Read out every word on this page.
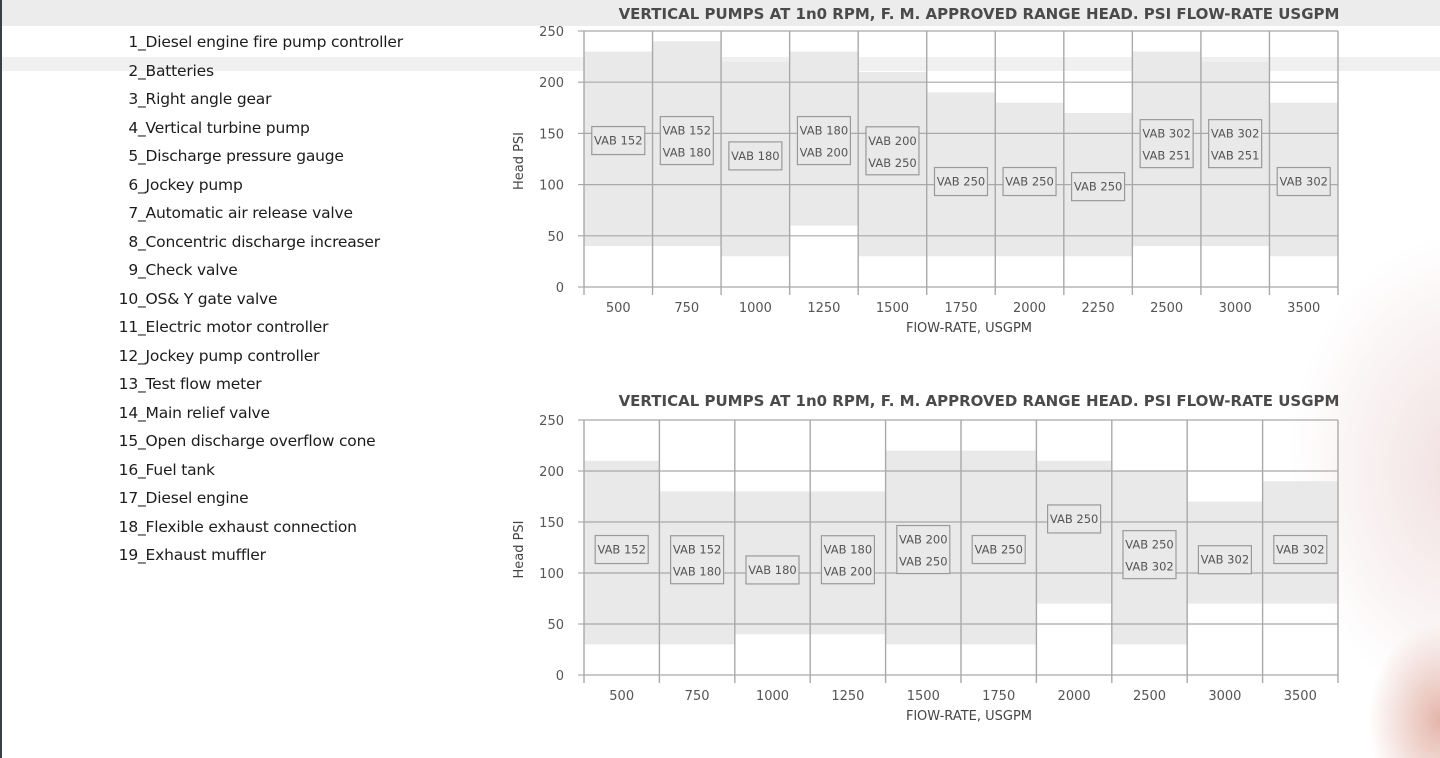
1 _Diesel engine fire pump controller
2 _Batteries
3 _Right angle gear
4 _Vertical turbine pump
5 _Discharge pressure gauge
6 _Jockey pump
7 _Automatic air release valve
8 _Concentric discharge increaser
9 _Check valve
10 _OS& Y gate valve
11 _Electric motor controller
12 _Jockey pump controller
13 _Test flow meter
14 _Main relief valve
15 _Open discharge overflow cone
16 _Fuel tank
17 _Diesel engine
18 _Flexible exhaust connection
19 _Exhaust muffler
VERTICAL PUMPS AT 1n0 RPM, F. M. APPROVED RANGE HEAD. PSI FLOW-RATE USGPM
0
50
100
150
200
250
500	750	1000	1250	1500	1750	2000	2250	2500	3000	3500
FlOW-RATE, USGPM
Head PSI	VAB 152
VAB 152
VAB 180 VAB 180
VAB 180
VAB 200
VAB 200
VAB 250
VAB 250 VAB 250 VAB 250
VAB 302
VAB 251
VAB 302
VAB 251
VAB 302
VERTICAL PUMPS AT 1n0 RPM, F. M. APPROVED RANGE HEAD. PSI FLOW-RATE USGPM
0
50
100
150
200
250
500	750	1000	1250	1500	1750	2000	2500	3000	3500
FlOW-RATE, USGPM
Head PSI	VAB 152 VAB 152
VAB 180 VAB 180
VAB 180
VAB 200
VAB 200
VAB 250
VAB 250
VAB 250
VAB 250
VAB 302 VAB 302
VAB 302
